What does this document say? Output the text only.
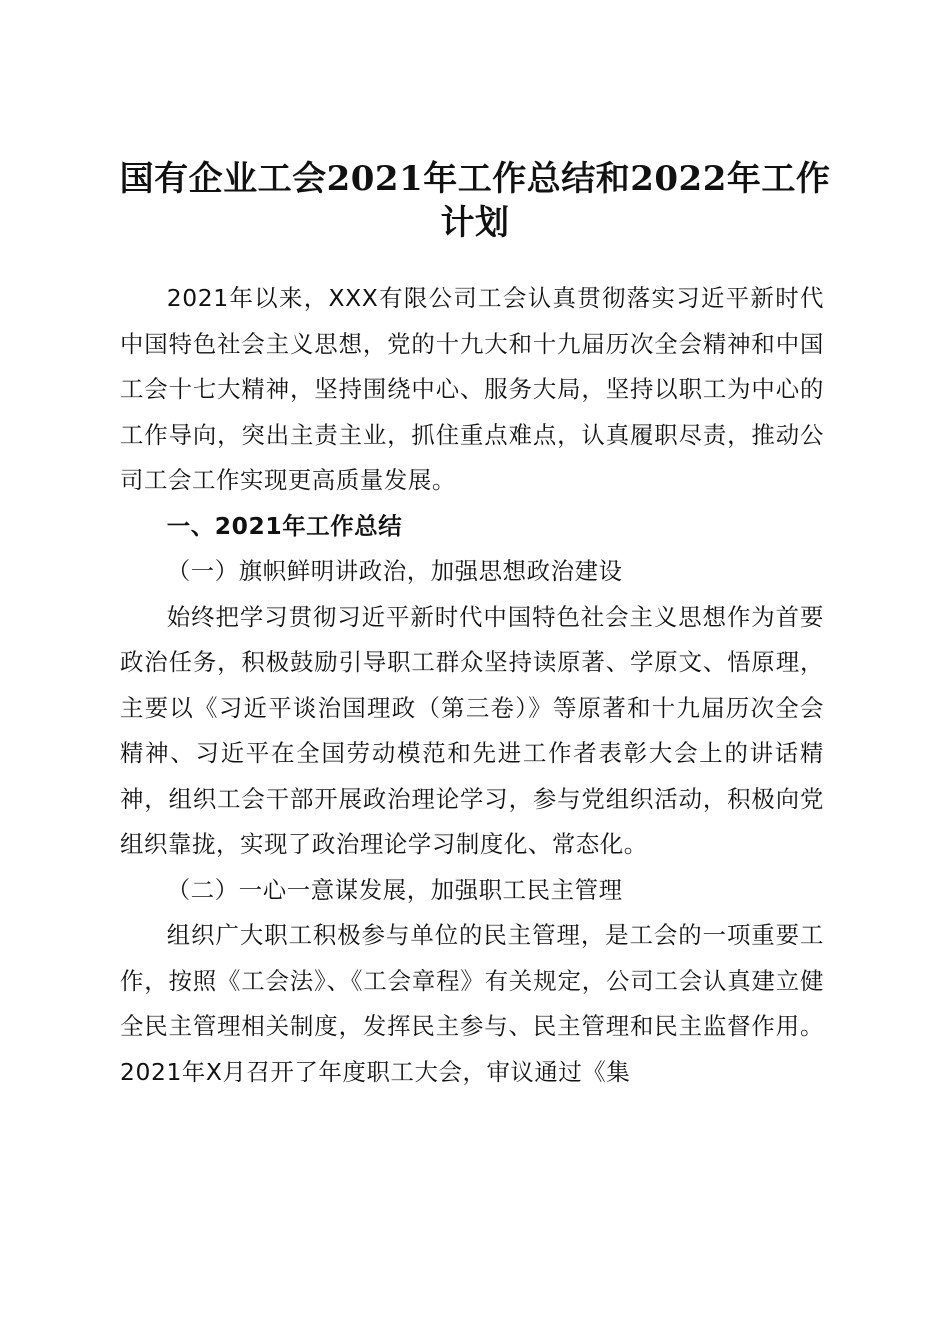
国有企业工会2021年工作总结和2022年工作计划

2021年以来，XXX有限公司工会认真贯彻落实习近平新时代中国特色社会主义思想，党的十九大和十九届历次全会精神和中国工会十七大精神，坚持围绕中心、服务大局，坚持以职工为中心的工作导向，突出主责主业，抓住重点难点，认真履职尽责，推动公司工会工作实现更高质量发展。

一、2021年工作总结
（一）旗帜鲜明讲政治，加强思想政治建设

始终把学习贯彻习近平新时代中国特色社会主义思想作为首要政治任务，积极鼓励引导职工群众坚持读原著、学原文、悟原理，主要以《习近平谈治国理政（第三卷）》等原著和十九届历次全会精神、习近平在全国劳动模范和先进工作者表彰大会上的讲话精神，组织工会干部开展政治理论学习，参与党组织活动，积极向党组织靠拢，实现了政治理论学习制度化、常态化。

（二）一心一意谋发展，加强职工民主管理

组织广大职工积极参与单位的民主管理，是工会的一项重要工作，按照《工会法》、《工会章程》有关规定，公司工会认真建立健全民主管理相关制度，发挥民主参与、民主管理和民主监督作用。2021年X月召开了年度职工大会，审议通过《集
